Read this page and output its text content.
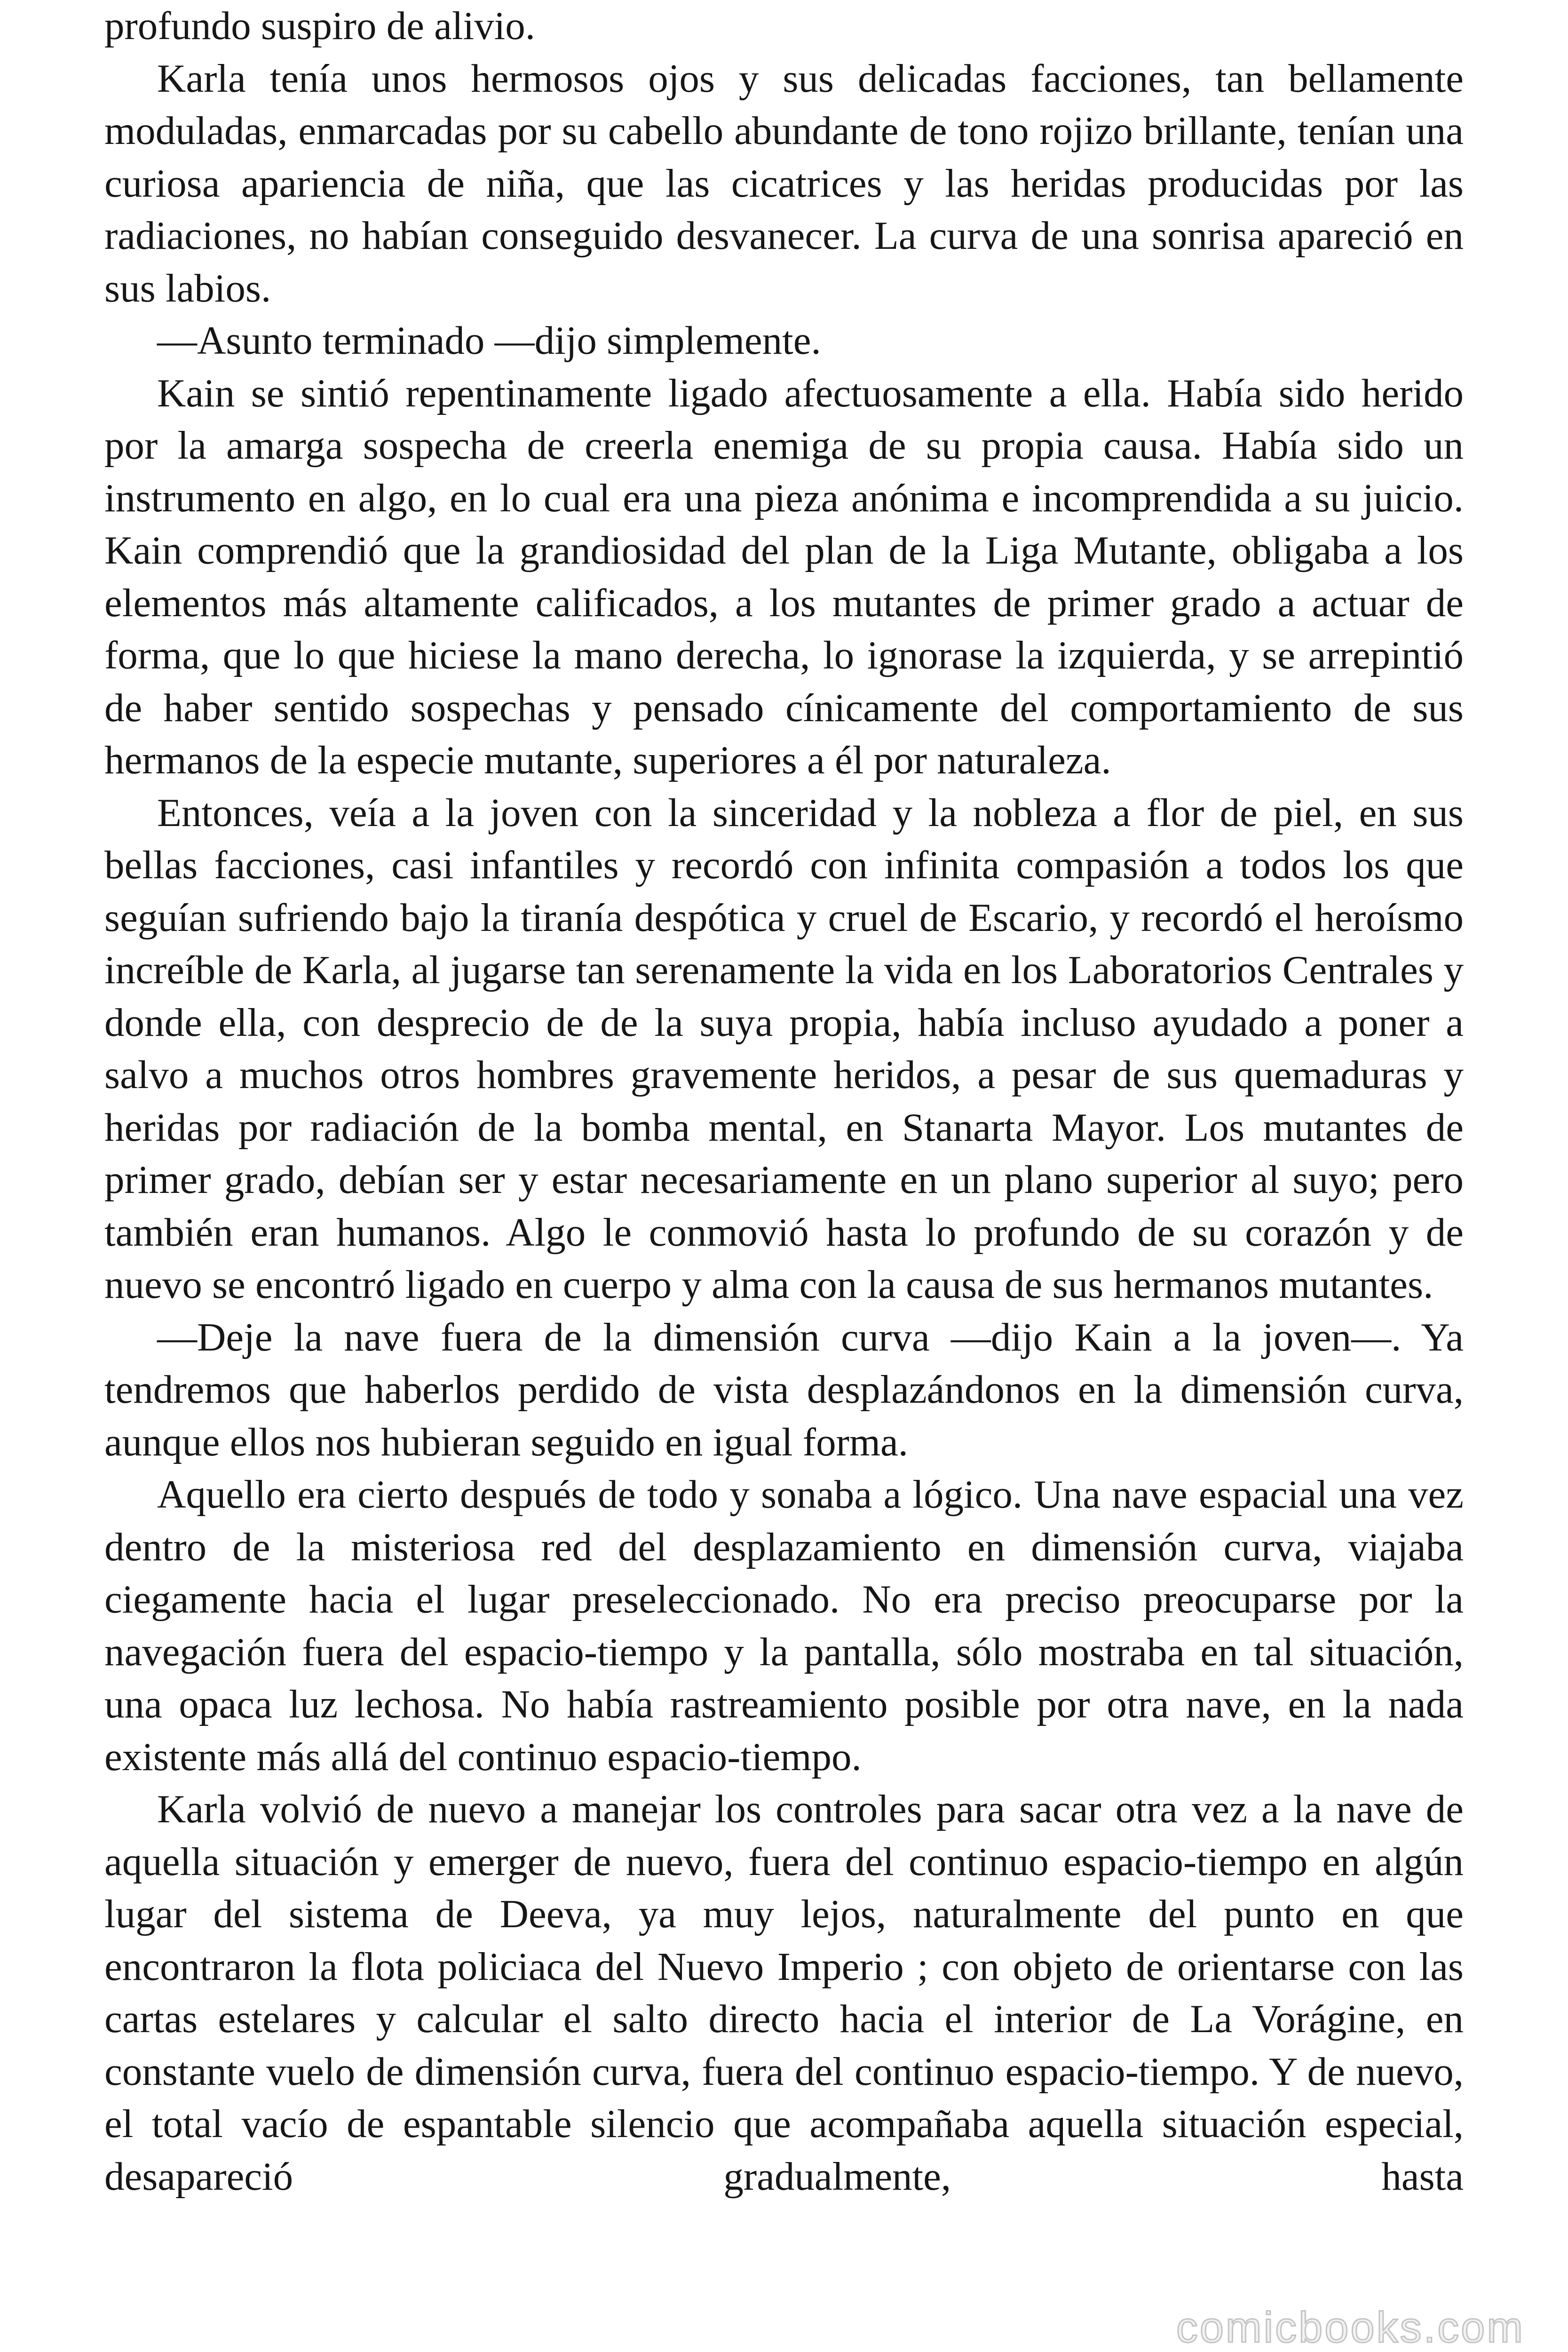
profundo suspiro de alivio.

Karla tenía unos hermosos ojos y sus delicadas facciones, tan bellamente moduladas, enmarcadas por su cabello abundante de tono rojizo brillante, tenían una curiosa apariencia de niña, que las cicatrices y las heridas producidas por las radiaciones, no habían conseguido desvanecer. La curva de una sonrisa apareció en sus labios.

—Asunto terminado —dijo simplemente.

Kain se sintió repentinamente ligado afectuosamente a ella. Había sido herido por la amarga sospecha de creerla enemiga de su propia causa. Había sido un instrumento en algo, en lo cual era una pieza anónima e incomprendida a su juicio. Kain comprendió que la grandiosidad del plan de la Liga Mutante, obligaba a los elementos más altamente calificados, a los mutantes de primer grado a actuar de forma, que lo que hiciese la mano derecha, lo ignorase la izquierda, y se arrepintió de haber sentido sospechas y pensado cínicamente del comportamiento de sus hermanos de la especie mutante, superiores a él por naturaleza.

Entonces, veía a la joven con la sinceridad y la nobleza a flor de piel, en sus bellas facciones, casi infantiles y recordó con infinita compasión a todos los que seguían sufriendo bajo la tiranía despótica y cruel de Escario, y recordó el heroísmo increíble de Karla, al jugarse tan serenamente la vida en los Laboratorios Centrales y donde ella, con desprecio de de la suya propia, había incluso ayudado a poner a salvo a muchos otros hombres gravemente heridos, a pesar de sus quemaduras y heridas por radiación de la bomba mental, en Stanarta Mayor. Los mutantes de primer grado, debían ser y estar necesariamente en un plano superior al suyo; pero también eran humanos. Algo le conmovió hasta lo profundo de su corazón y de nuevo se encontró ligado en cuerpo y alma con la causa de sus hermanos mutantes.

—Deje la nave fuera de la dimensión curva —dijo Kain a la joven—. Ya tendremos que haberlos perdido de vista desplazándonos en la dimensión curva, aunque ellos nos hubieran seguido en igual forma.

Aquello era cierto después de todo y sonaba a lógico. Una nave espacial una vez dentro de la misteriosa red del desplazamiento en dimensión curva, viajaba ciegamente hacia el lugar preseleccionado. No era preciso preocuparse por la navegación fuera del espacio-tiempo y la pantalla, sólo mostraba en tal situación, una opaca luz lechosa. No había rastreamiento posible por otra nave, en la nada existente más allá del continuo espacio-tiempo.

Karla volvió de nuevo a manejar los controles para sacar otra vez a la nave de aquella situación y emerger de nuevo, fuera del continuo espacio-tiempo en algún lugar del sistema de Deeva, ya muy lejos, naturalmente del punto en que encontraron la flota policiaca del Nuevo Imperio ; con objeto de orientarse con las cartas estelares y calcular el salto directo hacia el interior de La Vorágine, en constante vuelo de dimensión curva, fuera del continuo espacio-tiempo. Y de nuevo, el total vacío de espantable silencio que acompañaba aquella situación especial, desapareció gradualmente, hasta

comicbooks.com
